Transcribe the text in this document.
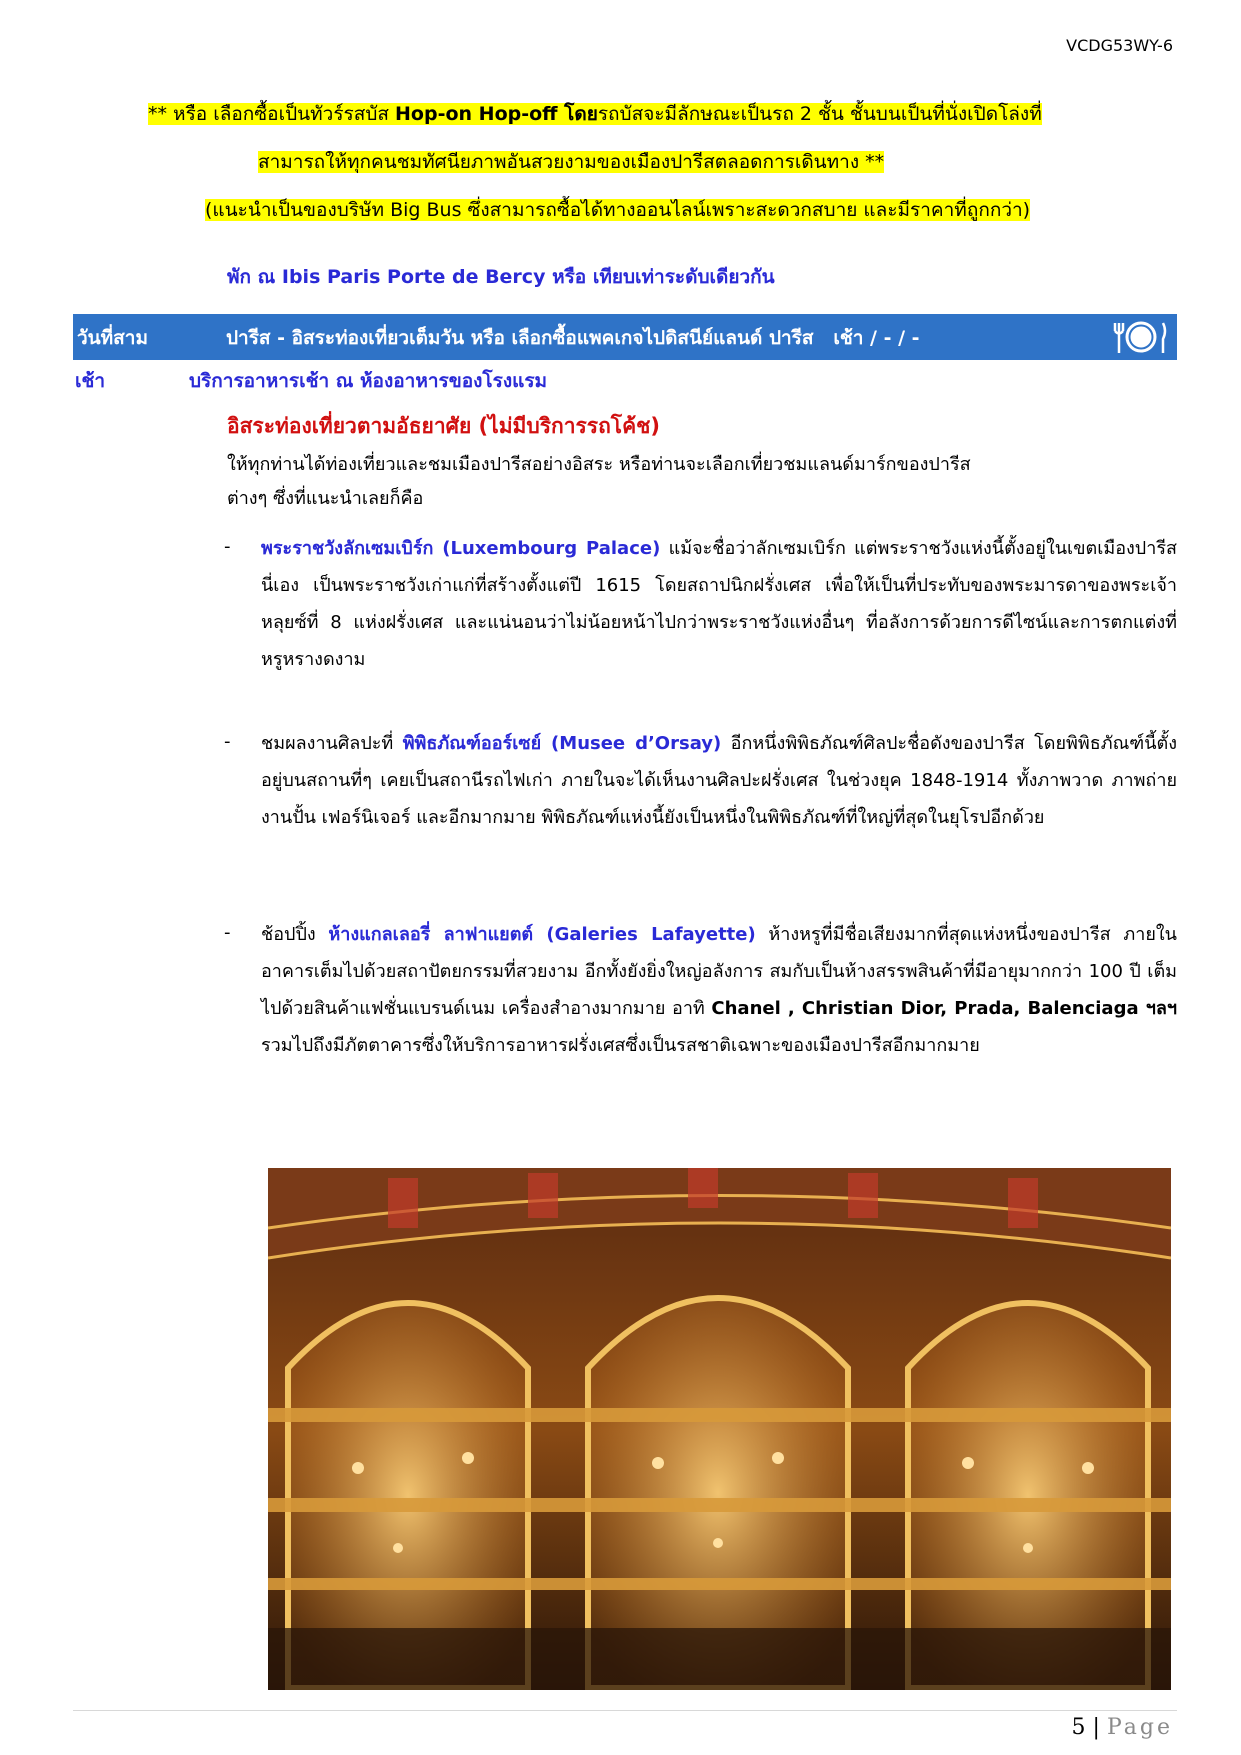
VCDG53WY-6
** หรือ เลือกซื้อเป็นทัวร์รสบัส Hop-on Hop-off โดยรถบัสจะมีลักษณะเป็นรถ 2 ชั้น ชั้นบนเป็นที่นั่งเปิดโล่งที่
สามารถให้ทุกคนชมทัศนียภาพอันสวยงามของเมืองปารีสตลอดการเดินทาง **
(แนะนำเป็นของบริษัท Big Bus ซึ่งสามารถซื้อได้ทางออนไลน์เพราะสะดวกสบาย และมีราคาที่ถูกกว่า)
พัก ณ Ibis Paris Porte de Bercy หรือ เทียบเท่าระดับเดียวกัน
วันที่สาม	ปารีส - อิสระท่องเที่ยวเต็มวัน หรือ เลือกซื้อแพคเกจไปดิสนีย์แลนด์ ปารีส เช้า / - / -
เช้า	บริการอาหารเช้า ณ ห้องอาหารของโรงแรม
อิสระท่องเที่ยวตามอัธยาศัย (ไม่มีบริการรถโค้ช)
ให้ทุกท่านได้ท่องเที่ยวและชมเมืองปารีสอย่างอิสระ หรือท่านจะเลือกเที่ยวชมแลนด์มาร์กของปารีส
ต่างๆ ซึ่งที่แนะนำเลยก็คือ
- พระราชวังลักเซมเบิร์ก (Luxembourg Palace) แม้จะชื่อว่าลักเซมเบิร์ก แต่พระราชวังแห่งนี้ตั้งอยู่ในเขตเมืองปารีสนี่เอง เป็นพระราชวังเก่าแก่ที่สร้างตั้งแต่ปี 1615 โดยสถาปนิกฝรั่งเศส เพื่อให้เป็นที่ประทับของพระมารดาของพระเจ้าหลุยซ์ที่ 8 แห่งฝรั่งเศส และแน่นอนว่าไม่น้อยหน้าไปกว่าพระราชวังแห่งอื่นๆ ที่อลังการด้วยการดีไซน์และการตกแต่งที่หรูหรางดงาม
- ชมผลงานศิลปะที่ พิพิธภัณฑ์ออร์เซย์ (Musee d’Orsay) อีกหนึ่งพิพิธภัณฑ์ศิลปะชื่อดังของปารีส โดยพิพิธภัณฑ์นี้ตั้งอยู่บนสถานที่ๆ เคยเป็นสถานีรถไฟเก่า ภายในจะได้เห็นงานศิลปะฝรั่งเศส ในช่วงยุค 1848-1914 ทั้งภาพวาด ภาพถ่าย งานปั้น เฟอร์นิเจอร์ และอีกมากมาย พิพิธภัณฑ์แห่งนี้ยังเป็นหนึ่งในพิพิธภัณฑ์ที่ใหญ่ที่สุดในยุโรปอีกด้วย
- ช้อปปิ้ง ห้างแกลเลอรี่ ลาฟาแยตต์ (Galeries Lafayette) ห้างหรูที่มีชื่อเสียงมากที่สุดแห่งหนึ่งของปารีส ภายในอาคารเต็มไปด้วยสถาปัตยกรรมที่สวยงาม อีกทั้งยังยิ่งใหญ่อลังการ สมกับเป็นห้างสรรพสินค้าที่มีอายุมากกว่า 100 ปี เต็มไปด้วยสินค้าแฟชั่นแบรนด์เนม เครื่องสำอางมากมาย อาทิ Chanel , Christian Dior, Prada, Balenciaga ฯลฯ รวมไปถึงมีภัตตาคารซึ่งให้บริการอาหารฝรั่งเศสซึ่งเป็นรสชาติเฉพาะของเมืองปารีสอีกมากมาย
5 | Page
